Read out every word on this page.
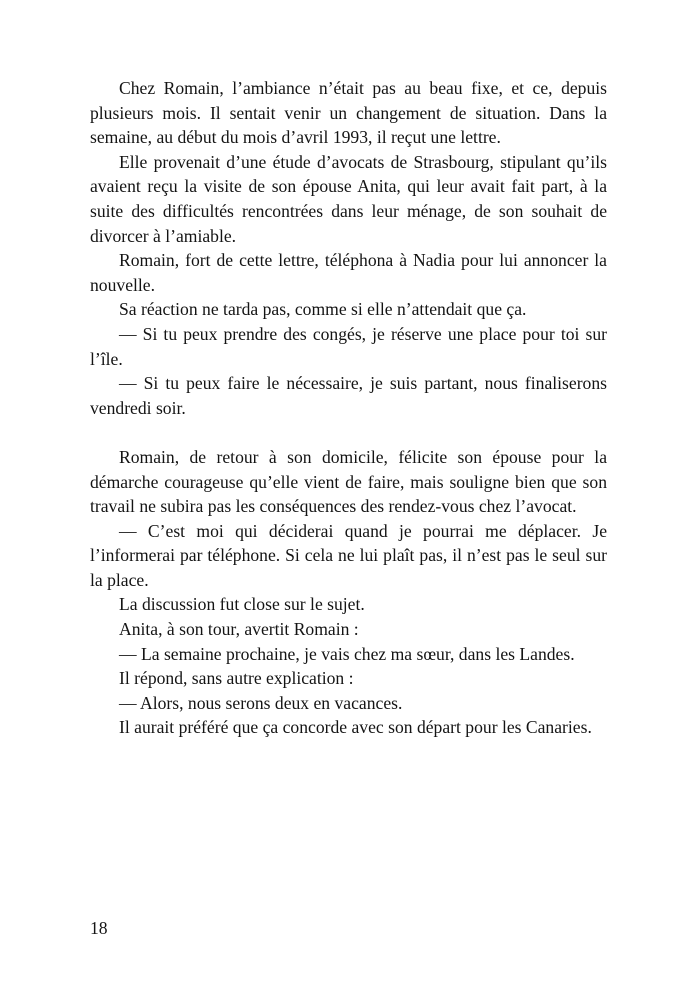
Chez Romain, l’ambiance n’était pas au beau fixe, et ce, depuis plusieurs mois. Il sentait venir un changement de situation. Dans la semaine, au début du mois d’avril 1993, il reçut une lettre.

Elle provenait d’une étude d’avocats de Strasbourg, stipulant qu’ils avaient reçu la visite de son épouse Anita, qui leur avait fait part, à la suite des difficultés rencontrées dans leur ménage, de son souhait de divorcer à l’amiable.

Romain, fort de cette lettre, téléphona à Nadia pour lui annoncer la nouvelle.

Sa réaction ne tarda pas, comme si elle n’attendait que ça.

— Si tu peux prendre des congés, je réserve une place pour toi sur l’île.

— Si tu peux faire le nécessaire, je suis partant, nous finaliserons vendredi soir.

Romain, de retour à son domicile, félicite son épouse pour la démarche courageuse qu’elle vient de faire, mais souligne bien que son travail ne subira pas les conséquences des rendez-vous chez l’avocat.

— C’est moi qui déciderai quand je pourrai me déplacer. Je l’informerai par téléphone. Si cela ne lui plaît pas, il n’est pas le seul sur la place.

La discussion fut close sur le sujet.

Anita, à son tour, avertit Romain :

— La semaine prochaine, je vais chez ma sœur, dans les Landes.

Il répond, sans autre explication :

— Alors, nous serons deux en vacances.

Il aurait préféré que ça concorde avec son départ pour les Canaries.

18
